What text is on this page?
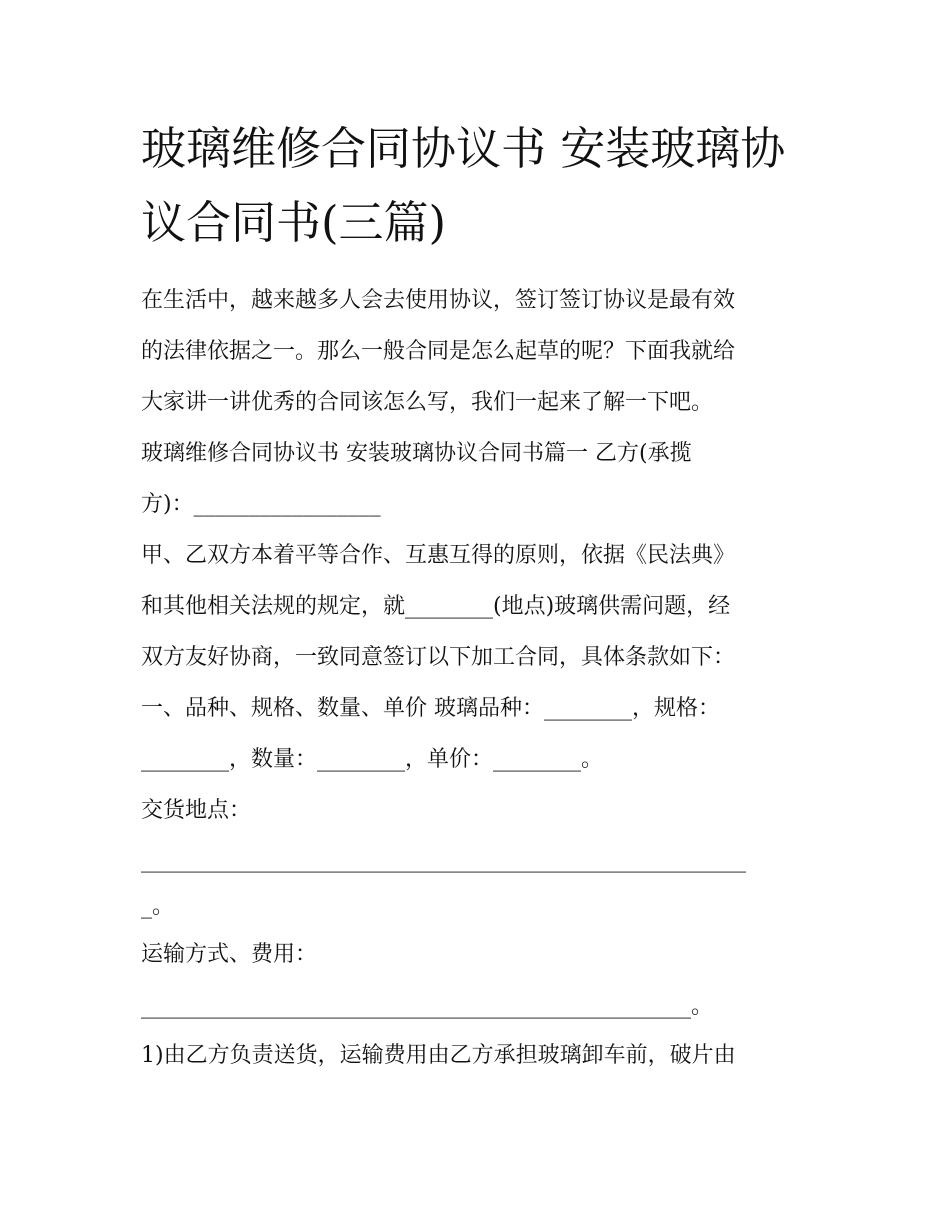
玻璃维修合同协议书 安装玻璃协议合同书(三篇)

在生活中，越来越多人会去使用协议，签订签订协议是最有效

的法律依据之一。那么一般合同是怎么起草的呢？下面我就给

大家讲一讲优秀的合同该怎么写，我们一起来了解一下吧。

玻璃维修合同协议书 安装玻璃协议合同书篇一 乙方(承揽

方)：_________________

甲、乙双方本着平等合作、互惠互得的原则，依据《民法典》

和其他相关法规的规定，就________(地点)玻璃供需问题，经

双方友好协商，一致同意签订以下加工合同，具体条款如下：

一、品种、规格、数量、单价 玻璃品种：________，规格：

________，数量：________，单价：________。

交货地点：

_______________________________________________________

_。

运输方式、费用：

__________________________________________________。

1)由乙方负责送货，运输费用由乙方承担玻璃卸车前，破片由
